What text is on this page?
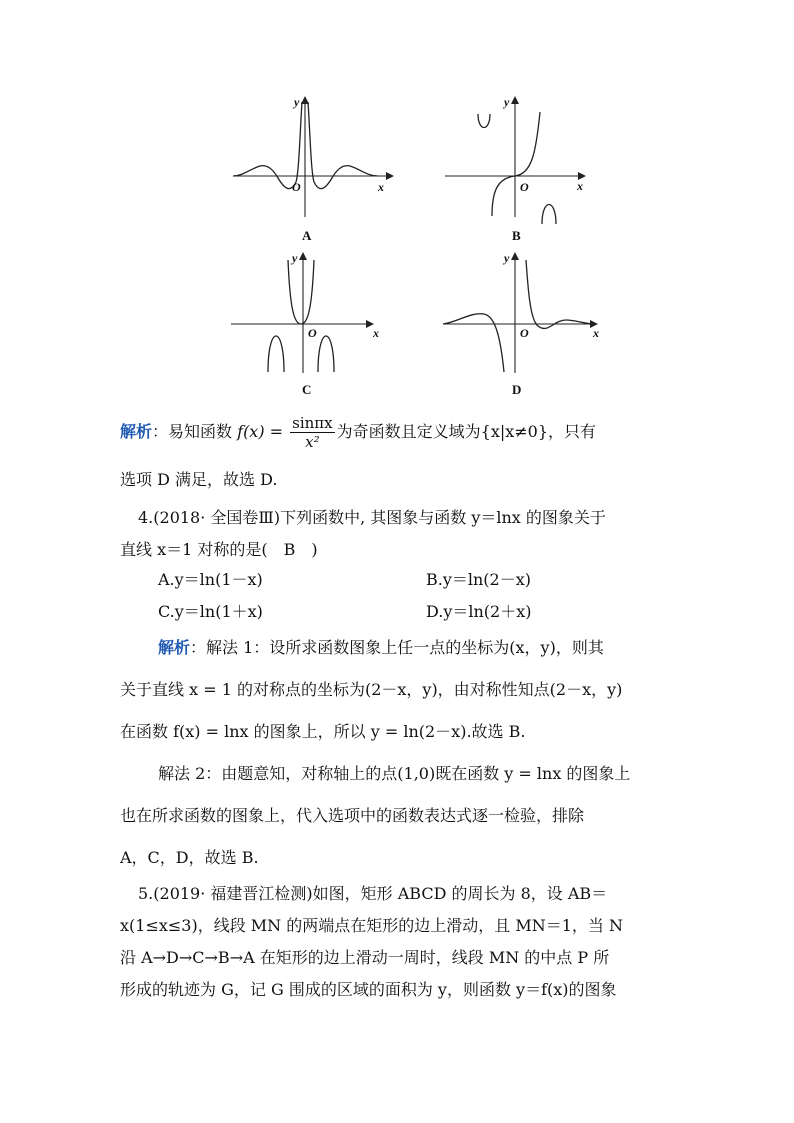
y
x
O
A
y
x
O
B
y
x
O
C
y
x
O
D
解析：易知函数 $f(x) = \frac{\sin\pi x}{\text{x²}}$ 为奇函数且定义域为{x|x≠0}，只有
选项 D 满足，故选 D.
4.(2018· 全国卷Ⅲ)下列函数中, 其图象与函数 y＝lnx 的图象关于
直线 x＝1 对称的是(　B　)
A.y＝ln(1－x)	B.y＝ln(2－x)
C.y＝ln(1＋x)	D.y＝ln(2＋x)
解析：解法 1：设所求函数图象上任一点的坐标为(x，y)，则其
关于直线 x = 1 的对称点的坐标为(2－x，y)，由对称性知点(2－x，y)
在函数 f(x) = lnx 的图象上，所以 y = ln(2－x).故选 B.
解法 2：由题意知，对称轴上的点(1,0)既在函数 y = lnx 的图象上
也在所求函数的图象上，代入选项中的函数表达式逐一检验，排除
A，C，D，故选 B.
5.(2019· 福建晋江检测)如图，矩形 ABCD 的周长为 8，设 AB＝
x(1≤x≤3)，线段 MN 的两端点在矩形的边上滑动，且 MN＝1，当 N
沿 A→D→C→B→A 在矩形的边上滑动一周时，线段 MN 的中点 P 所
形成的轨迹为 G，记 G 围成的区域的面积为 y，则函数 y＝f(x)的图象
